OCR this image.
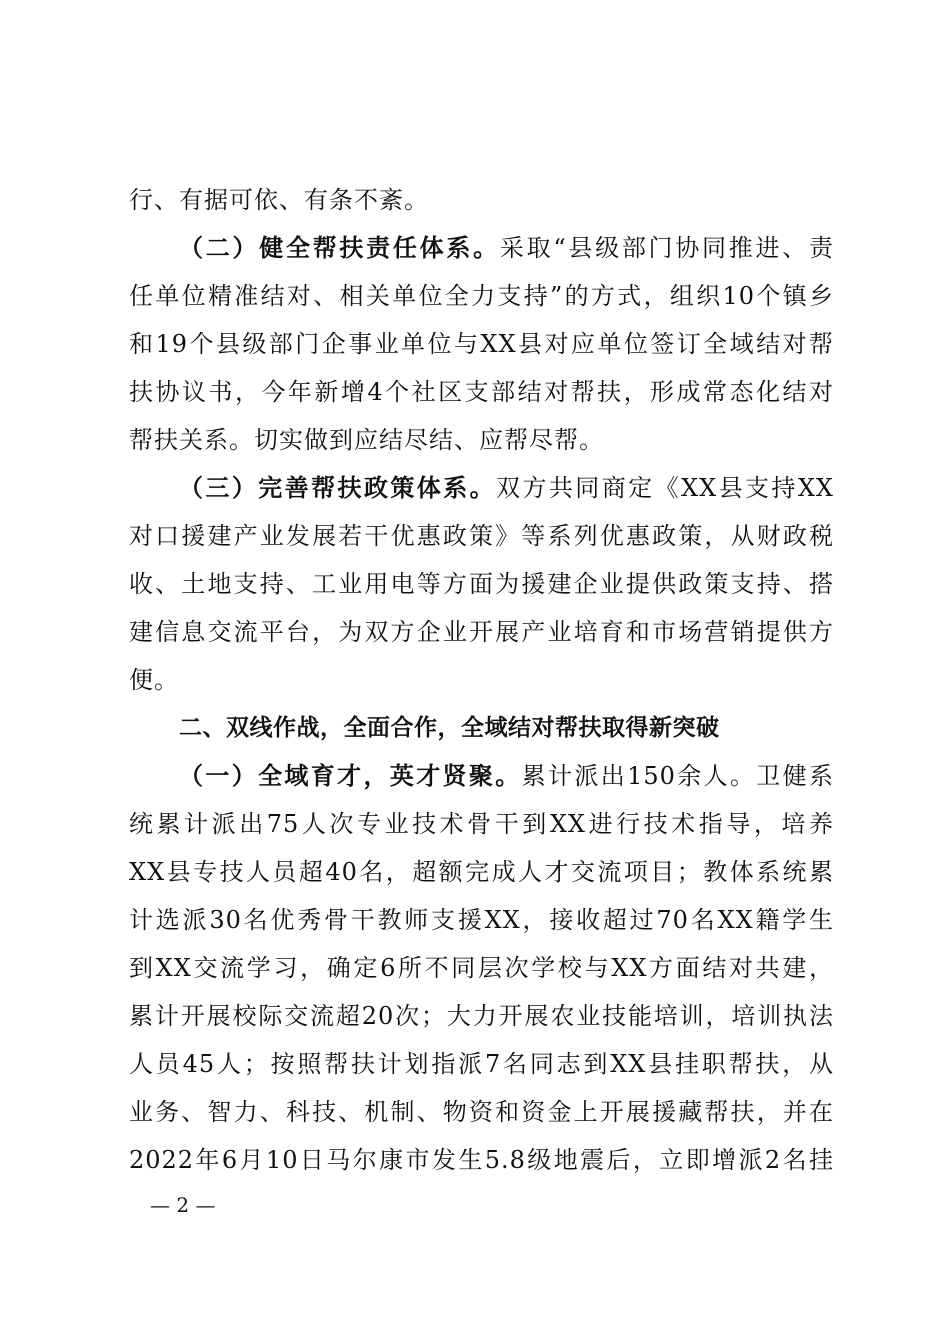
行、有据可依、有条不紊。
（二）健全帮扶责任体系。采取“县级部门协同推进、责
任单位精准结对、相关单位全力支持”的方式，组织10个镇乡
和19个县级部门企事业单位与XX县对应单位签订全域结对帮
扶协议书，今年新增4个社区支部结对帮扶，形成常态化结对
帮扶关系。切实做到应结尽结、应帮尽帮。
（三）完善帮扶政策体系。双方共同商定《XX县支持XX
对口援建产业发展若干优惠政策》等系列优惠政策，从财政税
收、土地支持、工业用电等方面为援建企业提供政策支持、搭
建信息交流平台，为双方企业开展产业培育和市场营销提供方
便。
二、双线作战，全面合作，全域结对帮扶取得新突破
（一）全域育才，英才贤聚。累计派出150余人。卫健系
统累计派出75人次专业技术骨干到XX进行技术指导，培养
XX县专技人员超40名，超额完成人才交流项目；教体系统累
计选派30名优秀骨干教师支援XX，接收超过70名XX籍学生
到XX交流学习，确定6所不同层次学校与XX方面结对共建，
累计开展校际交流超20次；大力开展农业技能培训，培训执法
人员45人；按照帮扶计划指派7名同志到XX县挂职帮扶，从
业务、智力、科技、机制、物资和资金上开展援藏帮扶，并在
2022年6月10日马尔康市发生5.8级地震后，立即增派2名挂
— 2 —
